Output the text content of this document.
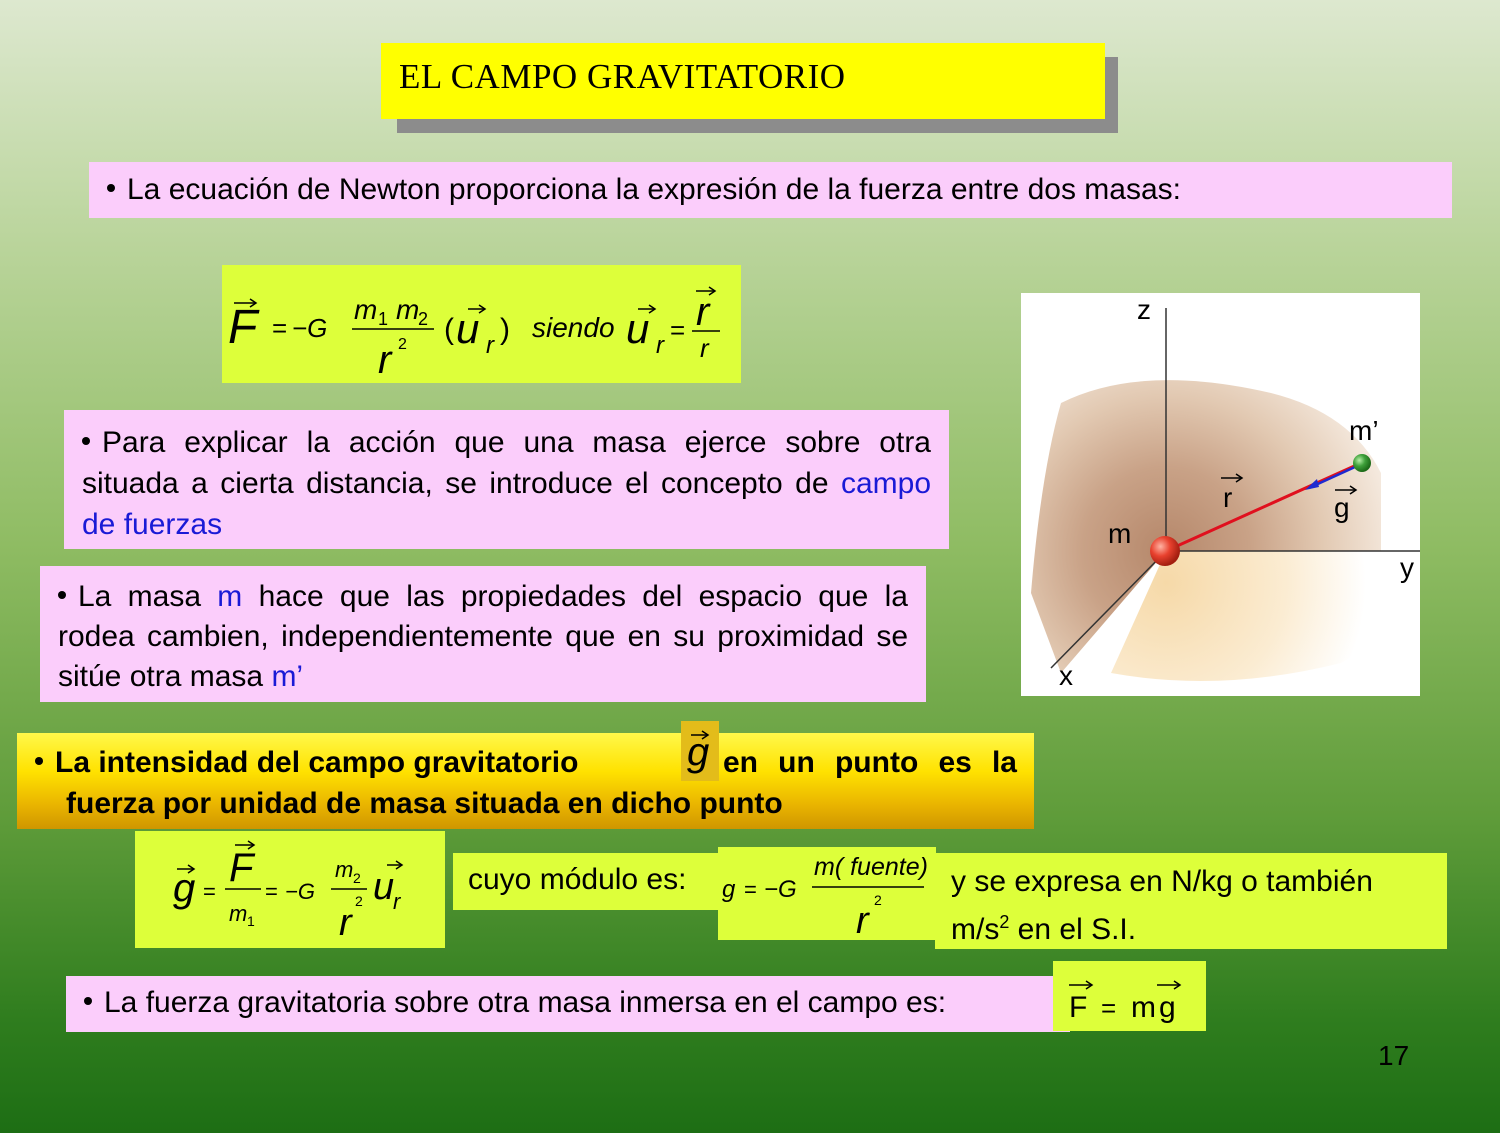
EL CAMPO GRAVITATORIO
La ecuación de Newton proporciona la expresión de la fuerza entre dos masas:
F = −G
m 1 m
2
2
r
( u r ) siendo u r
= r
r
Para explicar la acción que una masa ejerce sobre otra situada a cierta distancia, se introduce el concepto de campo de fuerzas
La masa m hace que las propiedades del espacio que la rodea cambien, independientemente que en su proximidad se sitúe otra masa m’
La intensidad del campo gravitatorio	g en un punto es la
fuerza por unidad de masa situada en dicho punto
g =
F
m 1
= −G
m 2
2
r
u
r
cuyo módulo es:	g = −G
m( fuente)
2
r
y se expresa en N/kg o también
$m/s^2$ en el S.I.
La fuerza gravitatoria sobre otra masa inmersa en el campo es:	F = m g
z
y
x
m
m’
r	g
17
